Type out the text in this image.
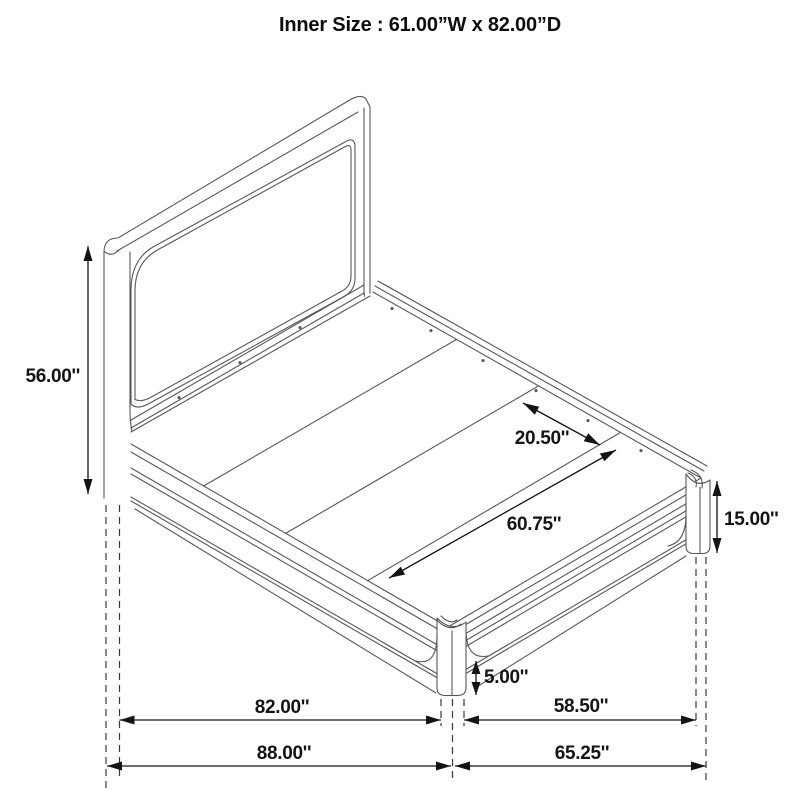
Inner Size : 61.00”W x 82.00”D
56.00''
20.50''
60.75''	15.00''
5.00''
82.00''	58.50''
88.00''	65.25''
